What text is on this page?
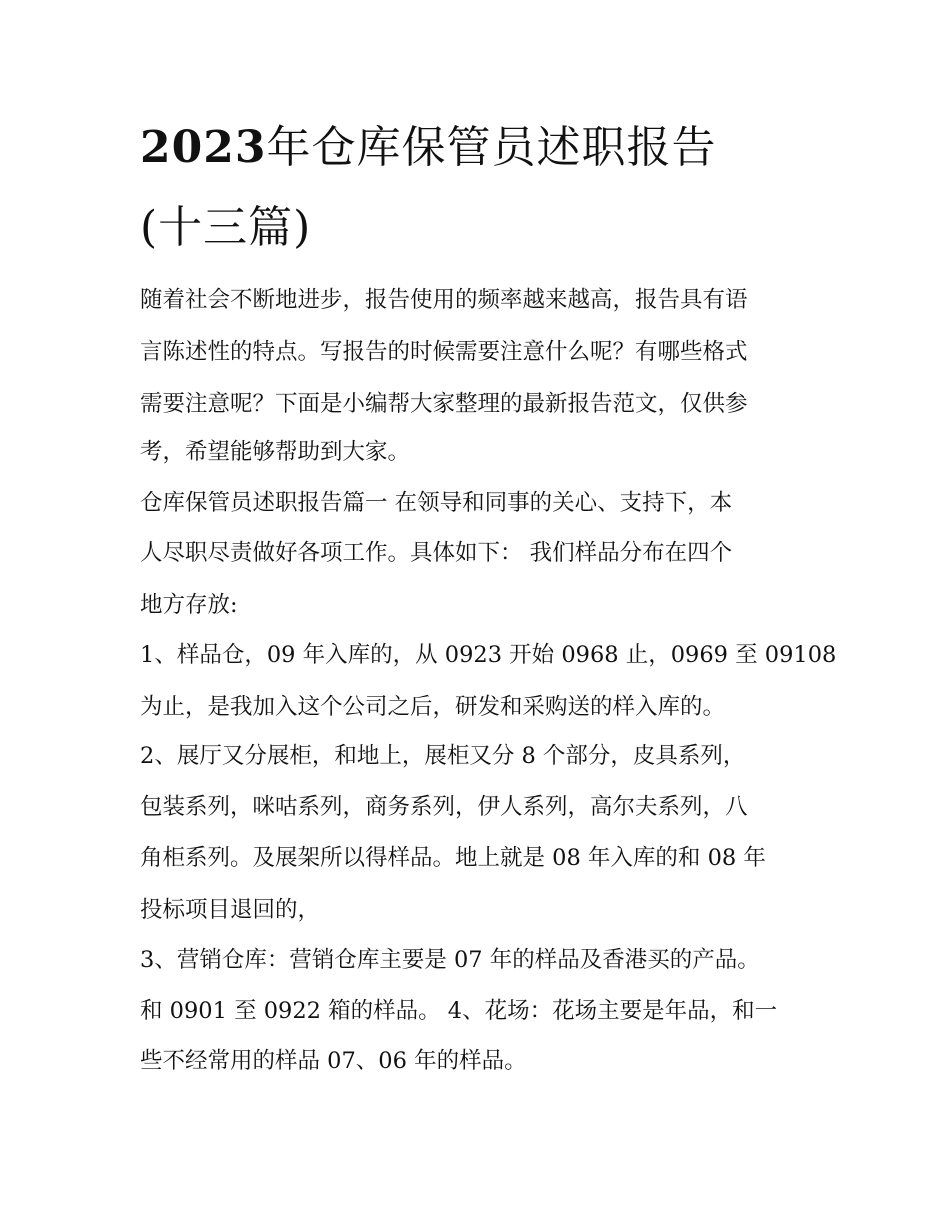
2023年仓库保管员述职报告
(十三篇)

随着社会不断地进步，报告使用的频率越来越高，报告具有语

言陈述性的特点。写报告的时候需要注意什么呢？有哪些格式

需要注意呢？下面是小编帮大家整理的最新报告范文，仅供参

考，希望能够帮助到大家。

仓库保管员述职报告篇一 在领导和同事的关心、支持下，本

人尽职尽责做好各项工作。具体如下： 我们样品分布在四个

地方存放:

1、样品仓，09 年入库的，从 0923 开始 0968 止，0969 至 09108

为止，是我加入这个公司之后，研发和采购送的样入库的。

2、展厅又分展柜，和地上，展柜又分 8 个部分，皮具系列，

包装系列，咪咕系列，商务系列，伊人系列，高尔夫系列，八

角柜系列。及展架所以得样品。地上就是 08 年入库的和 08 年

投标项目退回的，

3、营销仓库：营销仓库主要是 07 年的样品及香港买的产品。

和 0901 至 0922 箱的样品。 4、花场：花场主要是年品，和一

些不经常用的样品 07、06 年的样品。
